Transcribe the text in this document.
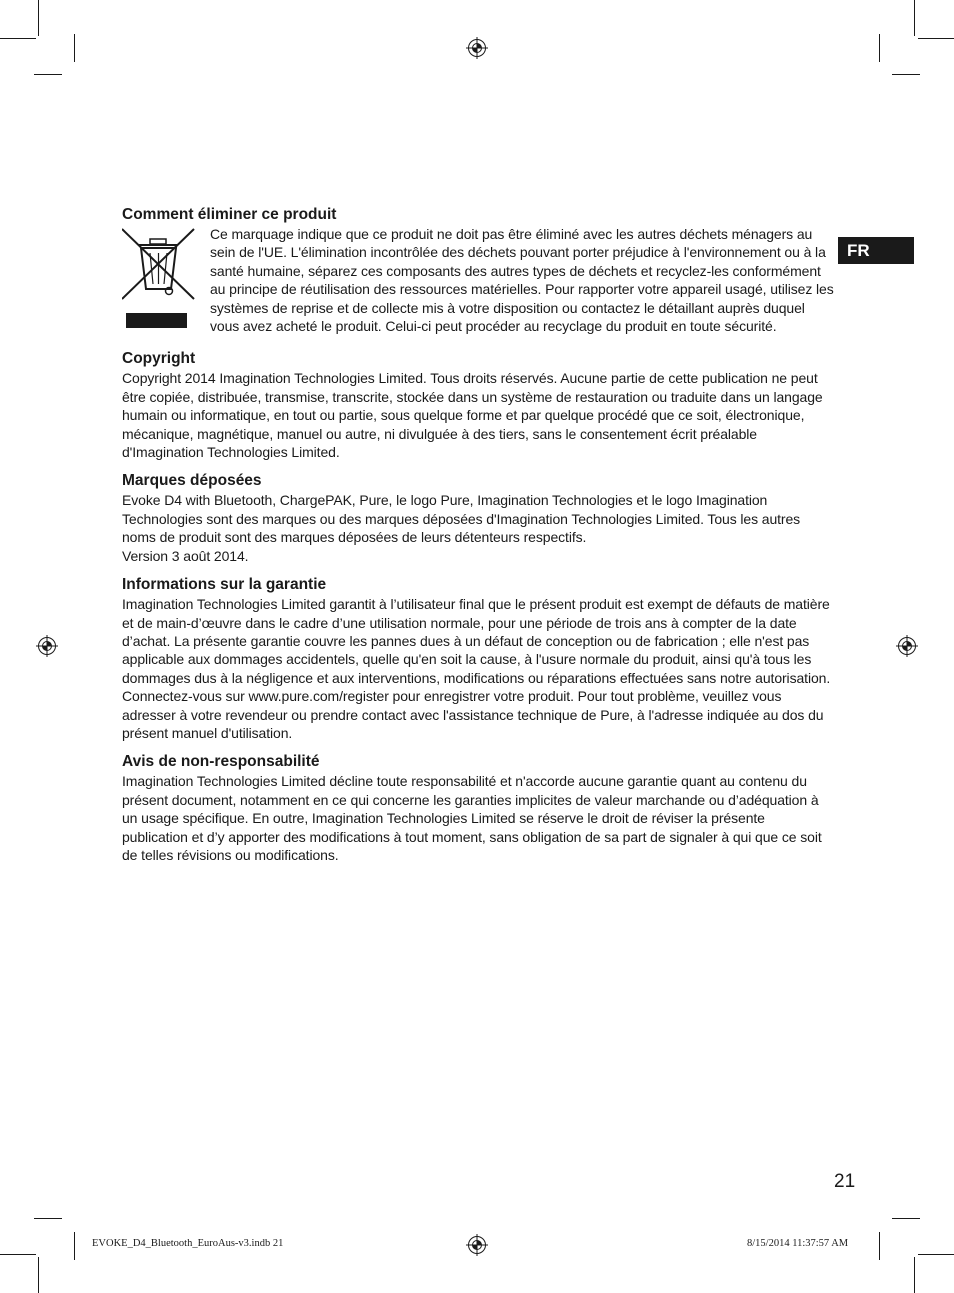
FR
Comment éliminer ce produit

Ce marquage indique que ce produit ne doit pas être éliminé avec les autres déchets ménagers au sein de l'UE. L'élimination incontrôlée des déchets pouvant porter préjudice à l'environnement ou à la santé humaine, séparez ces composants des autres types de déchets et recyclez-les conformément au principe de réutilisation des ressources matérielles. Pour rapporter votre appareil usagé, utilisez les systèmes de reprise et de collecte mis à votre disposition ou contactez le détaillant auprès duquel vous avez acheté le produit. Celui-ci peut procéder au recyclage du produit en toute sécurité.

Copyright

Copyright 2014 Imagination Technologies Limited. Tous droits réservés. Aucune partie de cette publication ne peut être copiée, distribuée, transmise, transcrite, stockée dans un système de restauration ou traduite dans un langage humain ou informatique, en tout ou partie, sous quelque forme et par quelque procédé que ce soit, électronique, mécanique, magnétique, manuel ou autre, ni divulguée à des tiers, sans le consentement écrit préalable d'Imagination Technologies Limited.

Marques déposées

Evoke D4 with Bluetooth, ChargePAK, Pure, le logo Pure, Imagination Technologies et le logo Imagination Technologies sont des marques ou des marques déposées d'Imagination Technologies Limited. Tous les autres noms de produit sont des marques déposées de leurs détenteurs respectifs.

Version 3 août 2014.

Informations sur la garantie

Imagination Technologies Limited garantit à l’utilisateur final que le présent produit est exempt de défauts de matière et de main-d’œuvre dans le cadre d’une utilisation normale, pour une période de trois ans à compter de la date d’achat. La présente garantie couvre les pannes dues à un défaut de conception ou de fabrication ; elle n'est pas applicable aux dommages accidentels, quelle qu'en soit la cause, à l'usure normale du produit, ainsi qu'à tous les dommages dus à la négligence et aux interventions, modifications ou réparations effectuées sans notre autorisation. Connectez-vous sur www.pure.com/register pour enregistrer votre produit. Pour tout problème, veuillez vous adresser à votre revendeur ou prendre contact avec l'assistance technique de Pure, à l'adresse indiquée au dos du présent manuel d'utilisation.

Avis de non-responsabilité

Imagination Technologies Limited décline toute responsabilité et n'accorde aucune garantie quant au contenu du présent document, notamment en ce qui concerne les garanties implicites de valeur marchande ou d’adéquation à un usage spécifique. En outre, Imagination Technologies Limited se réserve le droit de réviser la présente publication et d’y apporter des modifications à tout moment, sans obligation de sa part de signaler à qui que ce soit de telles révisions ou modifications.

21
EVOKE_D4_Bluetooth_EuroAus-v3.indb 21	8/15/2014 11:37:57 AM
